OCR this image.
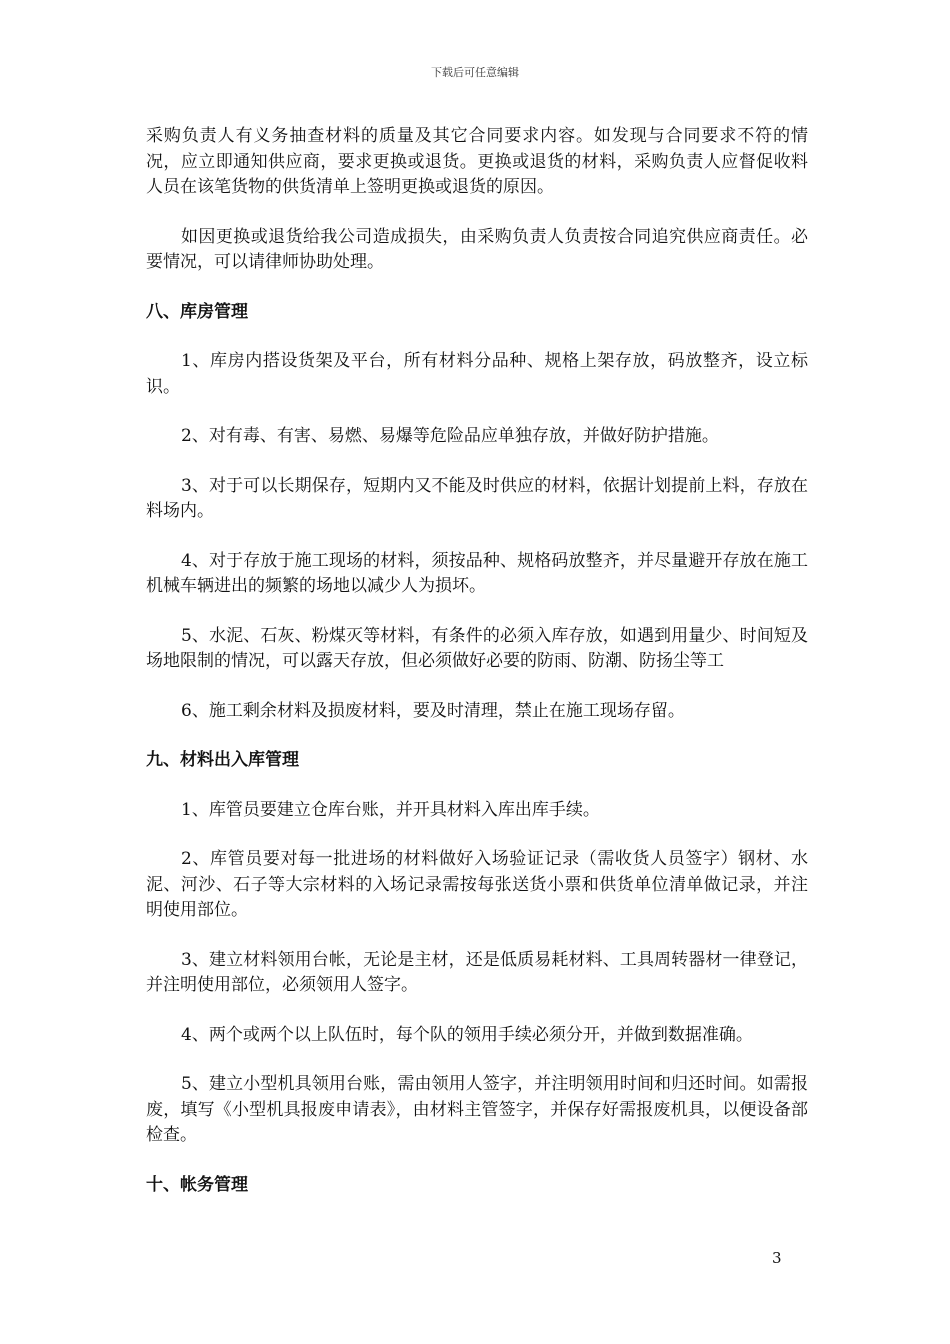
下载后可任意编辑

采购负责人有义务抽查材料的质量及其它合同要求内容。如发现与合同要求不符的情况，应立即通知供应商，要求更换或退货。更换或退货的材料，采购负责人应督促收料人员在该笔货物的供货清单上签明更换或退货的原因。

如因更换或退货给我公司造成损失，由采购负责人负责按合同追究供应商责任。必要情况，可以请律师协助处理。

八、库房管理

1、库房内搭设货架及平台，所有材料分品种、规格上架存放，码放整齐，设立标识。

2、对有毒、有害、易燃、易爆等危险品应单独存放，并做好防护措施。

3、对于可以长期保存，短期内又不能及时供应的材料，依据计划提前上料，存放在料场内。

4、对于存放于施工现场的材料，须按品种、规格码放整齐，并尽量避开存放在施工机械车辆进出的频繁的场地以减少人为损坏。

5、水泥、石灰、粉煤灭等材料，有条件的必须入库存放，如遇到用量少、时间短及场地限制的情况，可以露天存放，但必须做好必要的防雨、防潮、防扬尘等工

6、施工剩余材料及损废材料，要及时清理，禁止在施工现场存留。

九、材料出入库管理

1、库管员要建立仓库台账，并开具材料入库出库手续。

2、库管员要对每一批进场的材料做好入场验证记录（需收货人员签字）钢材、水泥、河沙、石子等大宗材料的入场记录需按每张送货小票和供货单位清单做记录，并注明使用部位。

3、建立材料领用台帐，无论是主材，还是低质易耗材料、工具周转器材一律登记，并注明使用部位，必须领用人签字。

4、两个或两个以上队伍时，每个队的领用手续必须分开，并做到数据准确。

5、建立小型机具领用台账，需由领用人签字，并注明领用时间和归还时间。如需报废，填写《小型机具报废申请表》，由材料主管签字，并保存好需报废机具，以便设备部检查。

十、帐务管理
3
